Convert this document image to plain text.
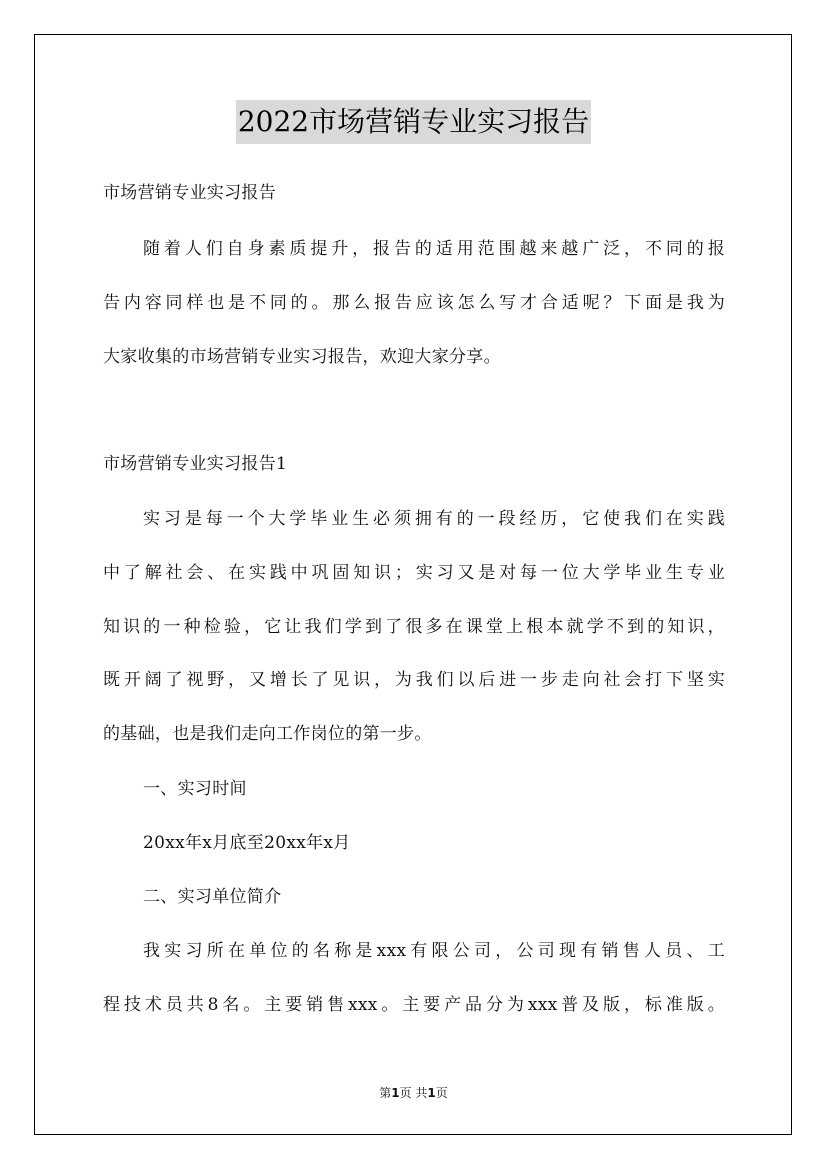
2022市场营销专业实习报告
市场营销专业实习报告
随着人们自身素质提升，报告的适用范围越来越广泛，不同的报
告内容同样也是不同的。那么报告应该怎么写才合适呢？下面是我为
大家收集的市场营销专业实习报告，欢迎大家分享。
市场营销专业实习报告1
实习是每一个大学毕业生必须拥有的一段经历，它使我们在实践
中了解社会、在实践中巩固知识；实习又是对每一位大学毕业生专业
知识的一种检验，它让我们学到了很多在课堂上根本就学不到的知识，
既开阔了视野，又增长了见识，为我们以后进一步走向社会打下坚实
的基础，也是我们走向工作岗位的第一步。
一、实习时间
20xx年x月底至20xx年x月
二、实习单位简介
我实习所在单位的名称是xxx有限公司，公司现有销售人员、工
程技术员共8名。主要销售xxx。主要产品分为xxx普及版，标准版。
第1页 共1页
